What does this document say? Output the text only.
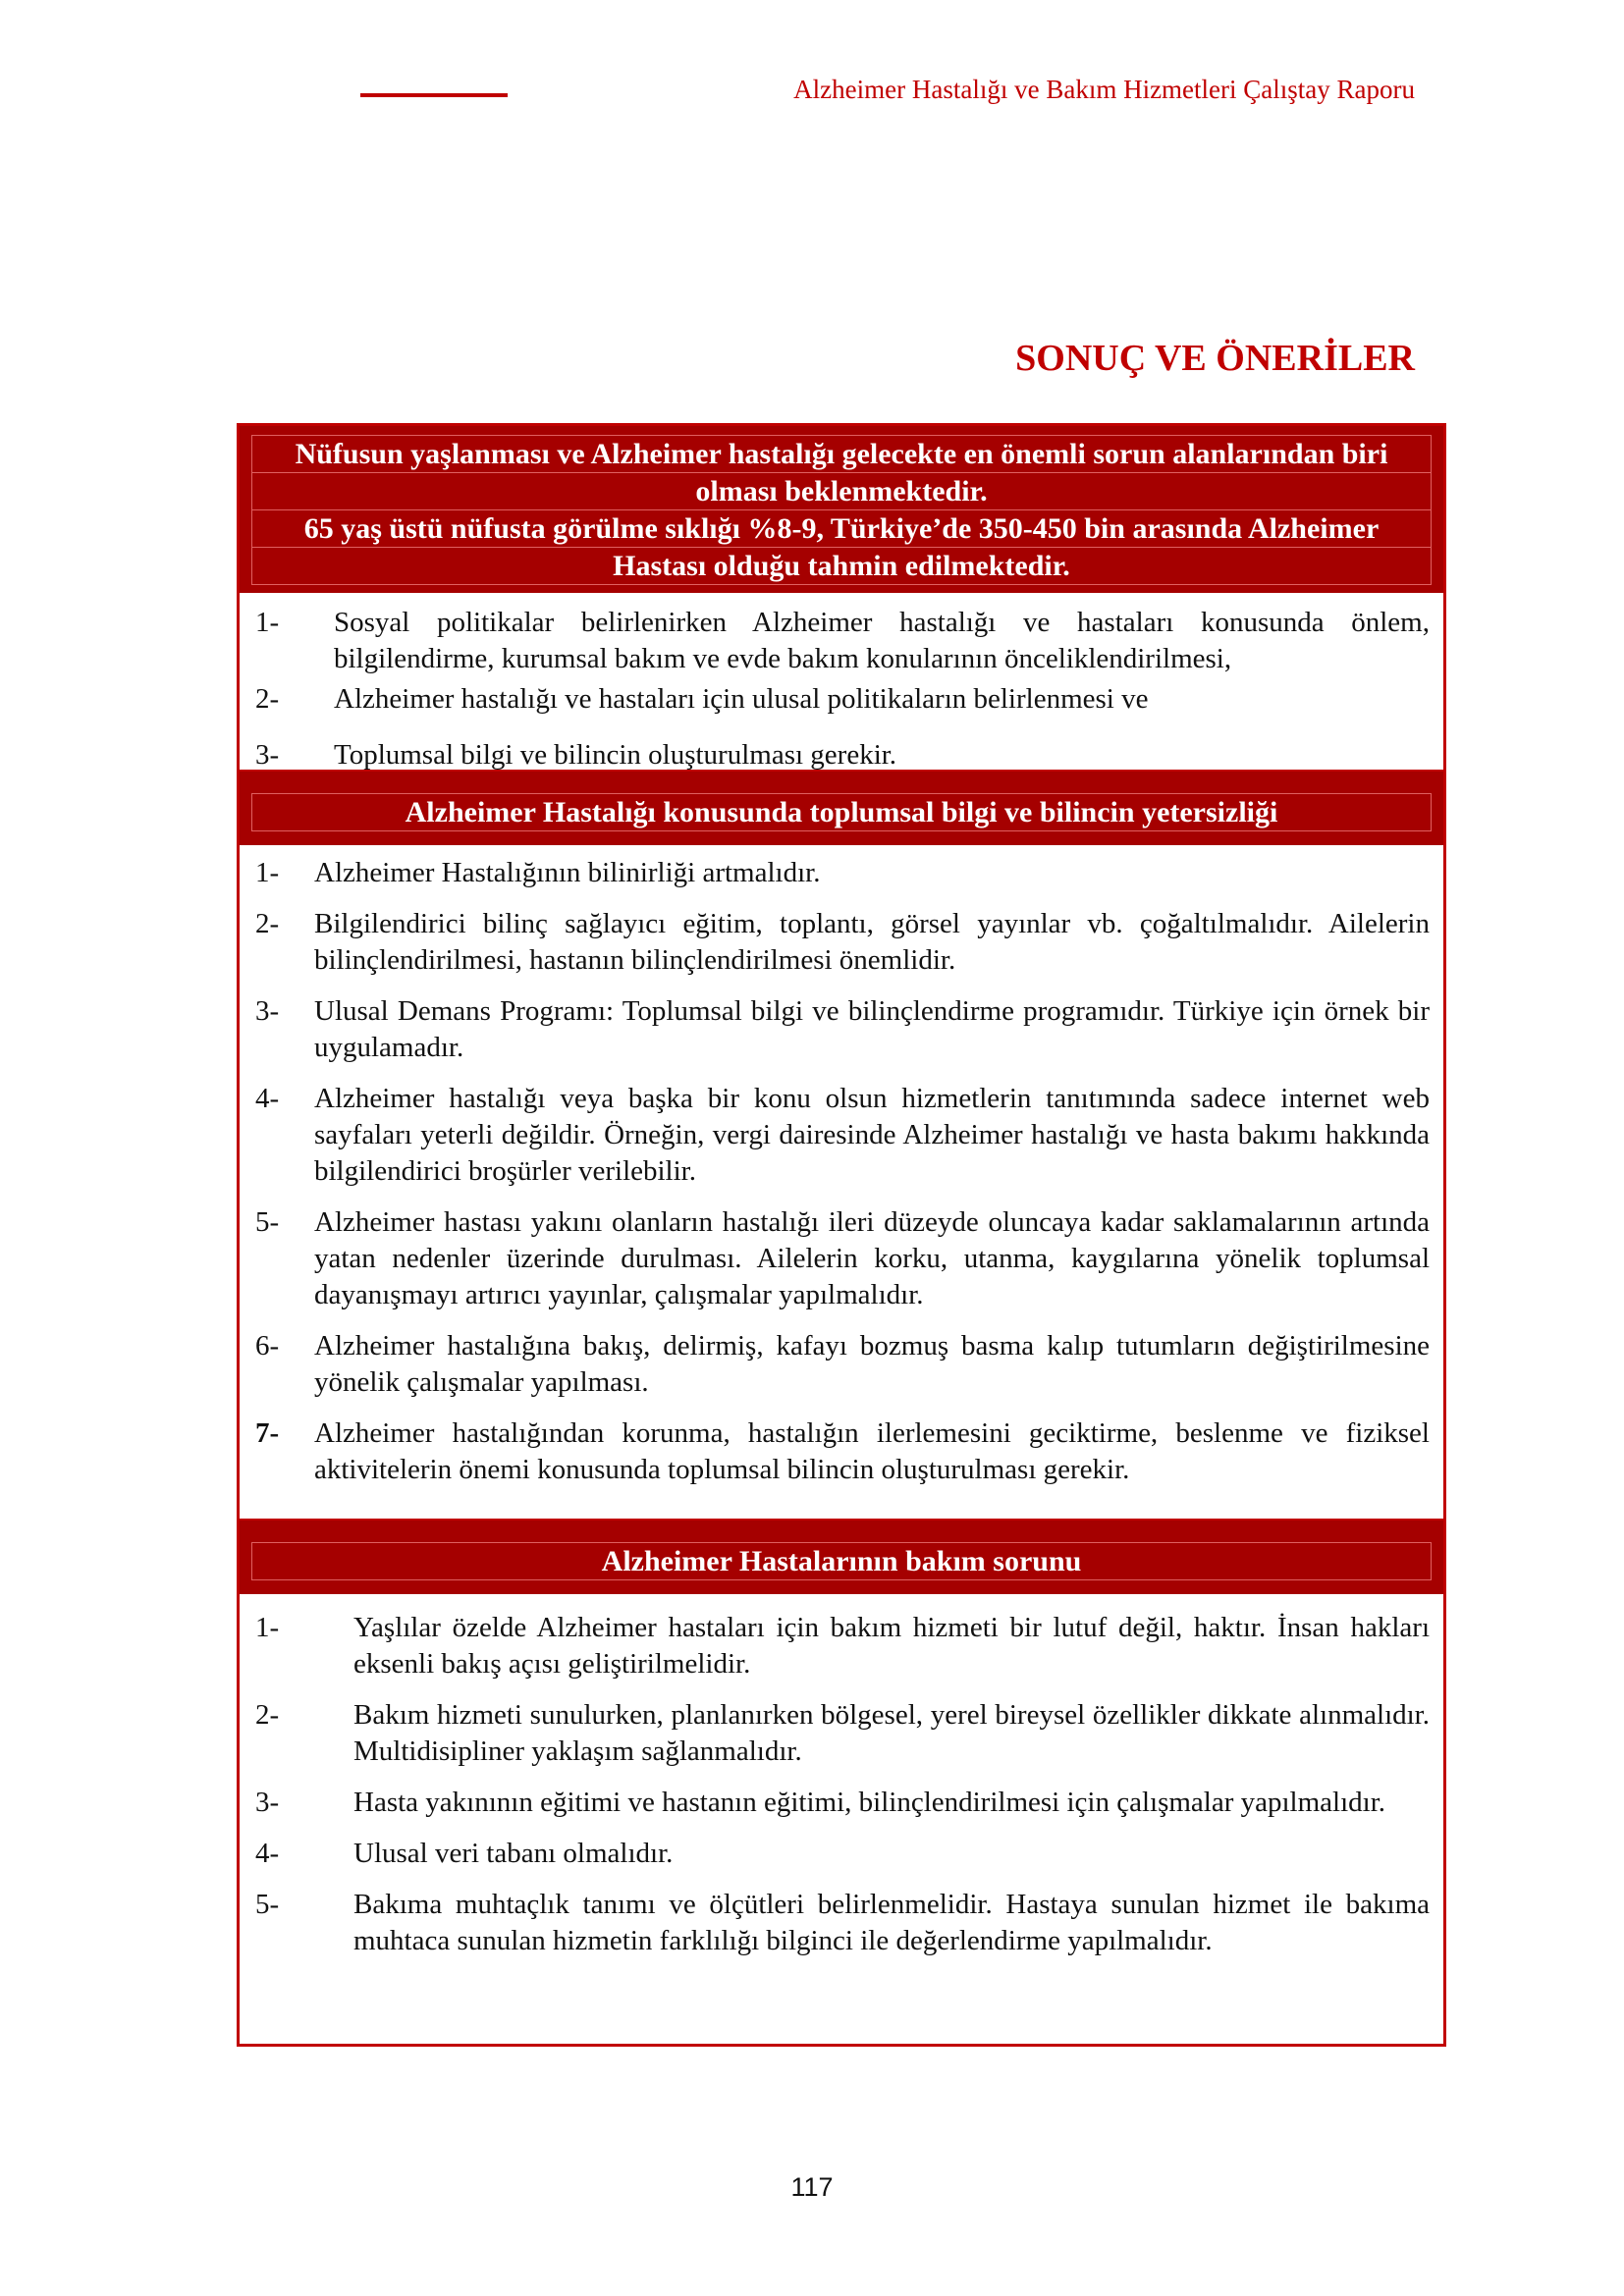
Alzheimer Hastalığı ve Bakım Hizmetleri Çalıştay Raporu
SONUÇ VE ÖNERİLER
Nüfusun yaşlanması ve Alzheimer hastalığı gelecekte en önemli sorun alanlarından biri
olması beklenmektedir.
65 yaş üstü nüfusta görülme sıklığı %8-9, Türkiye’de 350-450 bin arasında Alzheimer
Hastası olduğu tahmin edilmektedir.
1-	Sosyal politikalar belirlenirken Alzheimer hastalığı ve hastaları konusunda önlem, bilgilendirme, kurumsal bakım ve evde bakım konularının önceliklendirilmesi,
2-	Alzheimer hastalığı ve hastaları için ulusal politikaların belirlenmesi ve
3-	Toplumsal bilgi ve bilincin oluşturulması gerekir.
Alzheimer Hastalığı konusunda toplumsal bilgi ve bilincin yetersizliği
1-	Alzheimer Hastalığının bilinirliği artmalıdır.
2-	Bilgilendirici bilinç sağlayıcı eğitim, toplantı, görsel yayınlar vb. çoğaltılmalıdır. Ailelerin bilinçlendirilmesi, hastanın bilinçlendirilmesi önemlidir.
3-	Ulusal Demans Programı: Toplumsal bilgi ve bilinçlendirme programıdır. Türkiye için örnek bir uygulamadır.
4-	Alzheimer hastalığı veya başka bir konu olsun hizmetlerin tanıtımında sadece internet web sayfaları yeterli değildir. Örneğin, vergi dairesinde Alzheimer hastalığı ve hasta bakımı hakkında bilgilendirici broşürler verilebilir.
5-	Alzheimer hastası yakını olanların hastalığı ileri düzeyde oluncaya kadar saklamalarının artında yatan nedenler üzerinde durulması. Ailelerin korku, utanma, kaygılarına yönelik toplumsal dayanışmayı artırıcı yayınlar, çalışmalar yapılmalıdır.
6-	Alzheimer hastalığına bakış, delirmiş, kafayı bozmuş basma kalıp tutumların değiştirilmesine yönelik çalışmalar yapılması.
7-	Alzheimer hastalığından korunma, hastalığın ilerlemesini geciktirme, beslenme ve fiziksel aktivitelerin önemi konusunda toplumsal bilincin oluşturulması gerekir.
Alzheimer Hastalarının bakım sorunu
1-	Yaşlılar özelde Alzheimer hastaları için bakım hizmeti bir lutuf değil, haktır. İnsan hakları eksenli bakış açısı geliştirilmelidir.
2-	Bakım hizmeti sunulurken, planlanırken bölgesel, yerel bireysel özellikler dikkate alınmalıdır. Multidisipliner yaklaşım sağlanmalıdır.
3-	Hasta yakınının eğitimi ve hastanın eğitimi, bilinçlendirilmesi için çalışmalar yapılmalıdır.
4-	Ulusal veri tabanı olmalıdır.
5-	Bakıma muhtaçlık tanımı ve ölçütleri belirlenmelidir. Hastaya sunulan hizmet ile bakıma muhtaca sunulan hizmetin farklılığı bilginci ile değerlendirme yapılmalıdır.
117
